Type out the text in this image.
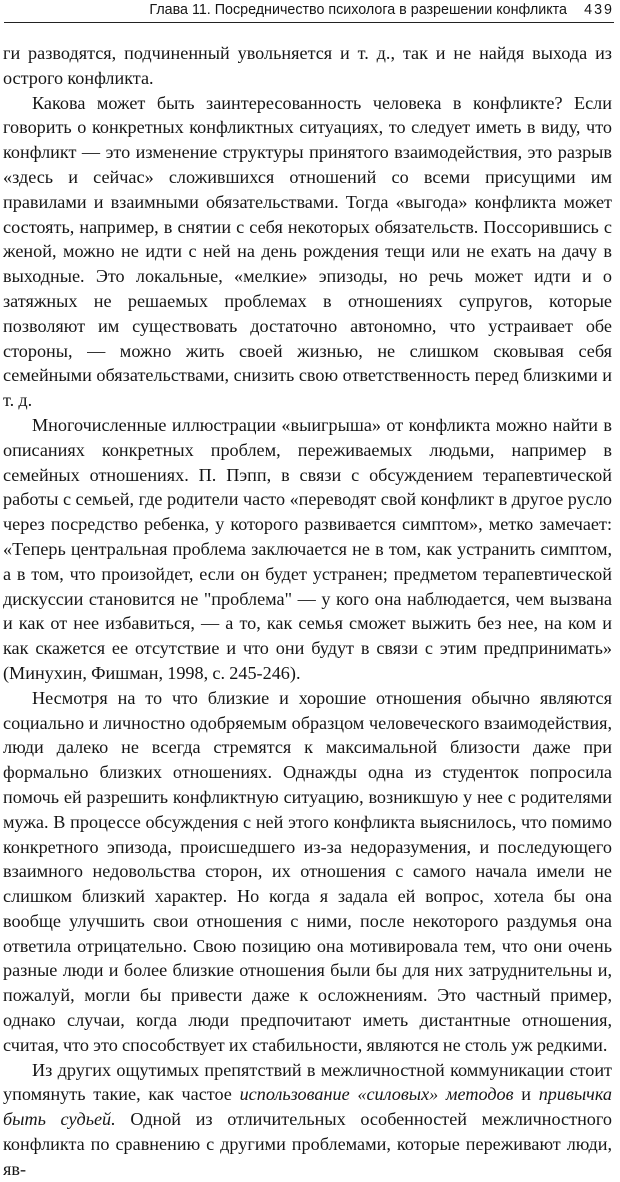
Глава 11. Посредничество психолога в разрешении конфликта 439

ги разводятся, подчиненный увольняется и т. д., так и не найдя выхода из острого конфликта.

Какова может быть заинтересованность человека в конфликте? Если говорить о конкретных конфликтных ситуациях, то следует иметь в виду, что конфликт — это изменение структуры принятого взаимодействия, это разрыв «здесь и сейчас» сложившихся отношений со всеми присущими им правилами и взаимными обязательствами. Тогда «выгода» конфликта может состоять, например, в снятии с себя некоторых обязательств. Поссорившись с женой, можно не идти с ней на день рождения тещи или не ехать на дачу в выходные. Это локальные, «мелкие» эпизоды, но речь может идти и о затяжных не решаемых проблемах в отношениях супругов, которые позволяют им существовать достаточно автономно, что устраивает обе стороны, — можно жить своей жизнью, не слишком сковывая себя семейными обязательствами, снизить свою ответственность перед близкими и т. д.

Многочисленные иллюстрации «выигрыша» от конфликта можно найти в описаниях конкретных проблем, переживаемых людьми, например в семейных отношениях. П. Пэпп, в связи с обсуждением терапевтической работы с семьей, где родители часто «переводят свой конфликт в другое русло через посредство ребенка, у которого развивается симптом», метко замечает: «Теперь центральная проблема заключается не в том, как устранить симптом, а в том, что произойдет, если он будет устранен; предметом терапевтической дискуссии становится не "проблема" — у кого она наблюдается, чем вызвана и как от нее избавиться, — а то, как семья сможет выжить без нее, на ком и как скажется ее отсутствие и что они будут в связи с этим предпринимать» (Минухин, Фишман, 1998, с. 245-246).

Несмотря на то что близкие и хорошие отношения обычно являются социально и личностно одобряемым образцом человеческого взаимодействия, люди далеко не всегда стремятся к максимальной близости даже при формально близких отношениях. Однажды одна из студенток попросила помочь ей разрешить конфликтную ситуацию, возникшую у нее с родителями мужа. В процессе обсуждения с ней этого конфликта выяснилось, что помимо конкретного эпизода, происшедшего из-за недоразумения, и последующего взаимного недовольства сторон, их отношения с самого начала имели не слишком близкий характер. Но когда я задала ей вопрос, хотела бы она вообще улучшить свои отношения с ними, после некоторого раздумья она ответила отрицательно. Свою позицию она мотивировала тем, что они очень разные люди и более близкие отношения были бы для них затруднительны и, пожалуй, могли бы привести даже к осложнениям. Это частный пример, однако случаи, когда люди предпочитают иметь дистантные отношения, считая, что это способствует их стабильности, являются не столь уж редкими.

Из других ощутимых препятствий в межличностной коммуникации стоит упомянуть такие, как частое использование «силовых» методов и привычка быть судьей. Одной из отличительных особенностей межличностного конфликта по сравнению с другими проблемами, которые переживают люди, яв-
